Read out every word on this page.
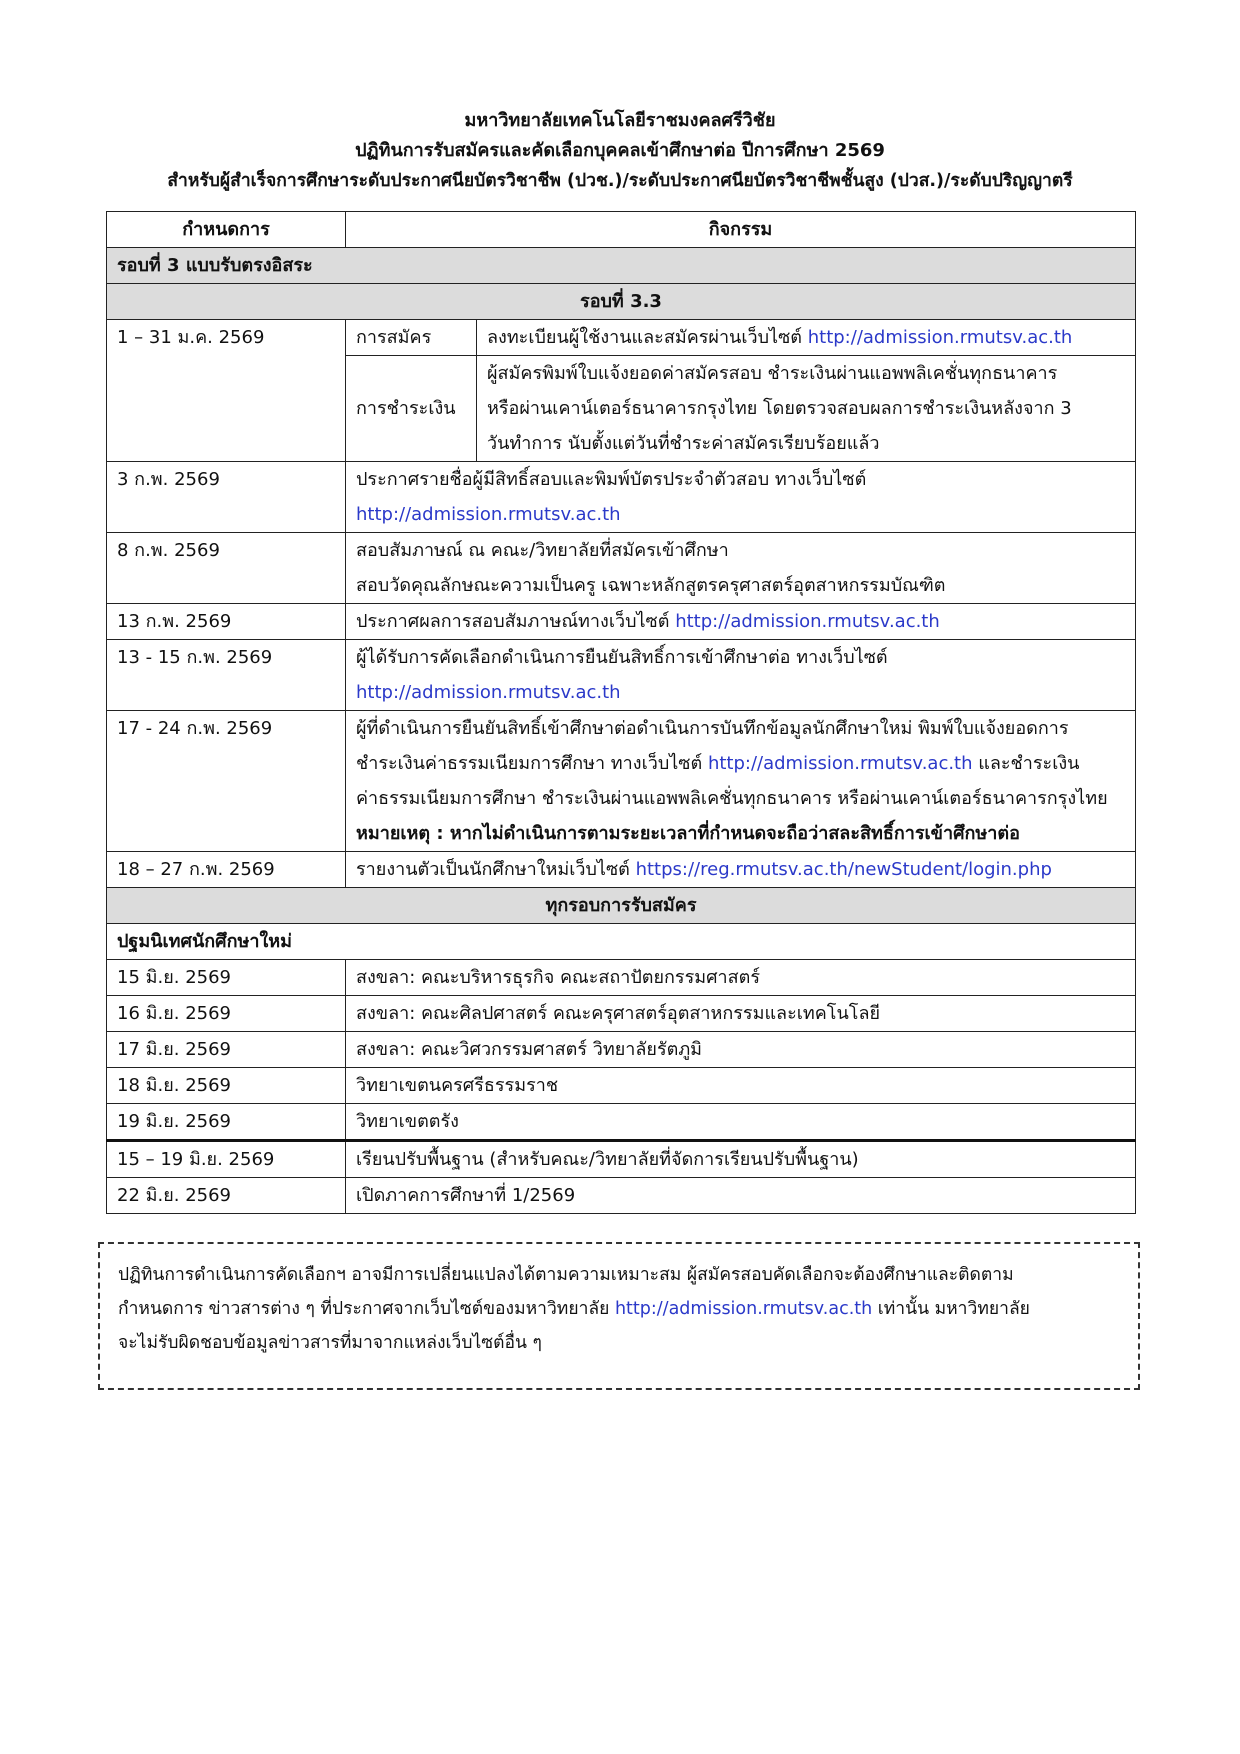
มหาวิทยาลัยเทคโนโลยีราชมงคลศรีวิชัย
ปฏิทินการรับสมัครและคัดเลือกบุคคลเข้าศึกษาต่อ ปีการศึกษา 2569
สำหรับผู้สำเร็จการศึกษาระดับประกาศนียบัตรวิชาชีพ (ปวช.)/ระดับประกาศนียบัตรวิชาชีพชั้นสูง (ปวส.)/ระดับปริญญาตรี
กำหนดการ	กิจกรรม	
รอบที่ 3 แบบรับตรงอิสระ		
รอบที่ 3.3		
1 – 31 ม.ค. 2569	การสมัคร	ลงทะเบียนผู้ใช้งานและสมัครผ่านเว็บไซต์ http://admission.rmutsv.ac.th
	การชำระเงิน	ผู้สมัครพิมพ์ใบแจ้งยอดค่าสมัครสอบ ชำระเงินผ่านแอพพลิเคชั่นทุกธนาคาร
หรือผ่านเคาน์เตอร์ธนาคารกรุงไทย โดยตรวจสอบผลการชำระเงินหลังจาก 3
วันทำการ นับตั้งแต่วันที่ชำระค่าสมัครเรียบร้อยแล้ว

3 ก.พ. 2569	ประกาศรายชื่อผู้มีสิทธิ์สอบและพิมพ์บัตรประจำตัวสอบ ทางเว็บไซต์
http://admission.rmutsv.ac.th	

8 ก.พ. 2569	สอบสัมภาษณ์ ณ คณะ/วิทยาลัยที่สมัครเข้าศึกษา
สอบวัดคุณลักษณะความเป็นครู เฉพาะหลักสูตรครุศาสตร์อุตสาหกรรมบัณฑิต	

13 ก.พ. 2569	ประกาศผลการสอบสัมภาษณ์ทางเว็บไซต์ http://admission.rmutsv.ac.th	
13 - 15 ก.พ. 2569	ผู้ได้รับการคัดเลือกดำเนินการยืนยันสิทธิ์การเข้าศึกษาต่อ ทางเว็บไซต์
http://admission.rmutsv.ac.th	

17 - 24 ก.พ. 2569	ผู้ที่ดำเนินการยืนยันสิทธิ์เข้าศึกษาต่อดำเนินการบันทึกข้อมูลนักศึกษาใหม่ พิมพ์ใบแจ้งยอดการ
ชำระเงินค่าธรรมเนียมการศึกษา ทางเว็บไซต์ http://admission.rmutsv.ac.th และชำระเงิน
ค่าธรรมเนียมการศึกษา ชำระเงินผ่านแอพพลิเคชั่นทุกธนาคาร หรือผ่านเคาน์เตอร์ธนาคารกรุงไทย
หมายเหตุ : หากไม่ดำเนินการตามระยะเวลาที่กำหนดจะถือว่าสละสิทธิ์การเข้าศึกษาต่อ	

18 – 27 ก.พ. 2569	รายงานตัวเป็นนักศึกษาใหม่เว็บไซต์ https://reg.rmutsv.ac.th/newStudent/login.php	
ทุกรอบการรับสมัคร		
ปฐมนิเทศนักศึกษาใหม่		
15 มิ.ย. 2569	สงขลา: คณะบริหารธุรกิจ คณะสถาปัตยกรรมศาสตร์	
16 มิ.ย. 2569	สงขลา: คณะศิลปศาสตร์ คณะครุศาสตร์อุตสาหกรรมและเทคโนโลยี	
17 มิ.ย. 2569	สงขลา: คณะวิศวกรรมศาสตร์ วิทยาลัยรัตภูมิ	
18 มิ.ย. 2569	วิทยาเขตนครศรีธรรมราช	
19 มิ.ย. 2569	วิทยาเขตตรัง	
15 – 19 มิ.ย. 2569	เรียนปรับพื้นฐาน (สำหรับคณะ/วิทยาลัยที่จัดการเรียนปรับพื้นฐาน)	
22 มิ.ย. 2569	เปิดภาคการศึกษาที่ 1/2569	
ปฏิทินการดำเนินการคัดเลือกฯ อาจมีการเปลี่ยนแปลงได้ตามความเหมาะสม ผู้สมัครสอบคัดเลือกจะต้องศึกษาและติดตาม
กำหนดการ ข่าวสารต่าง ๆ ที่ประกาศจากเว็บไซต์ของมหาวิทยาลัย http://admission.rmutsv.ac.th เท่านั้น มหาวิทยาลัย
จะไม่รับผิดชอบข้อมูลข่าวสารที่มาจากแหล่งเว็บไซต์อื่น ๆ
